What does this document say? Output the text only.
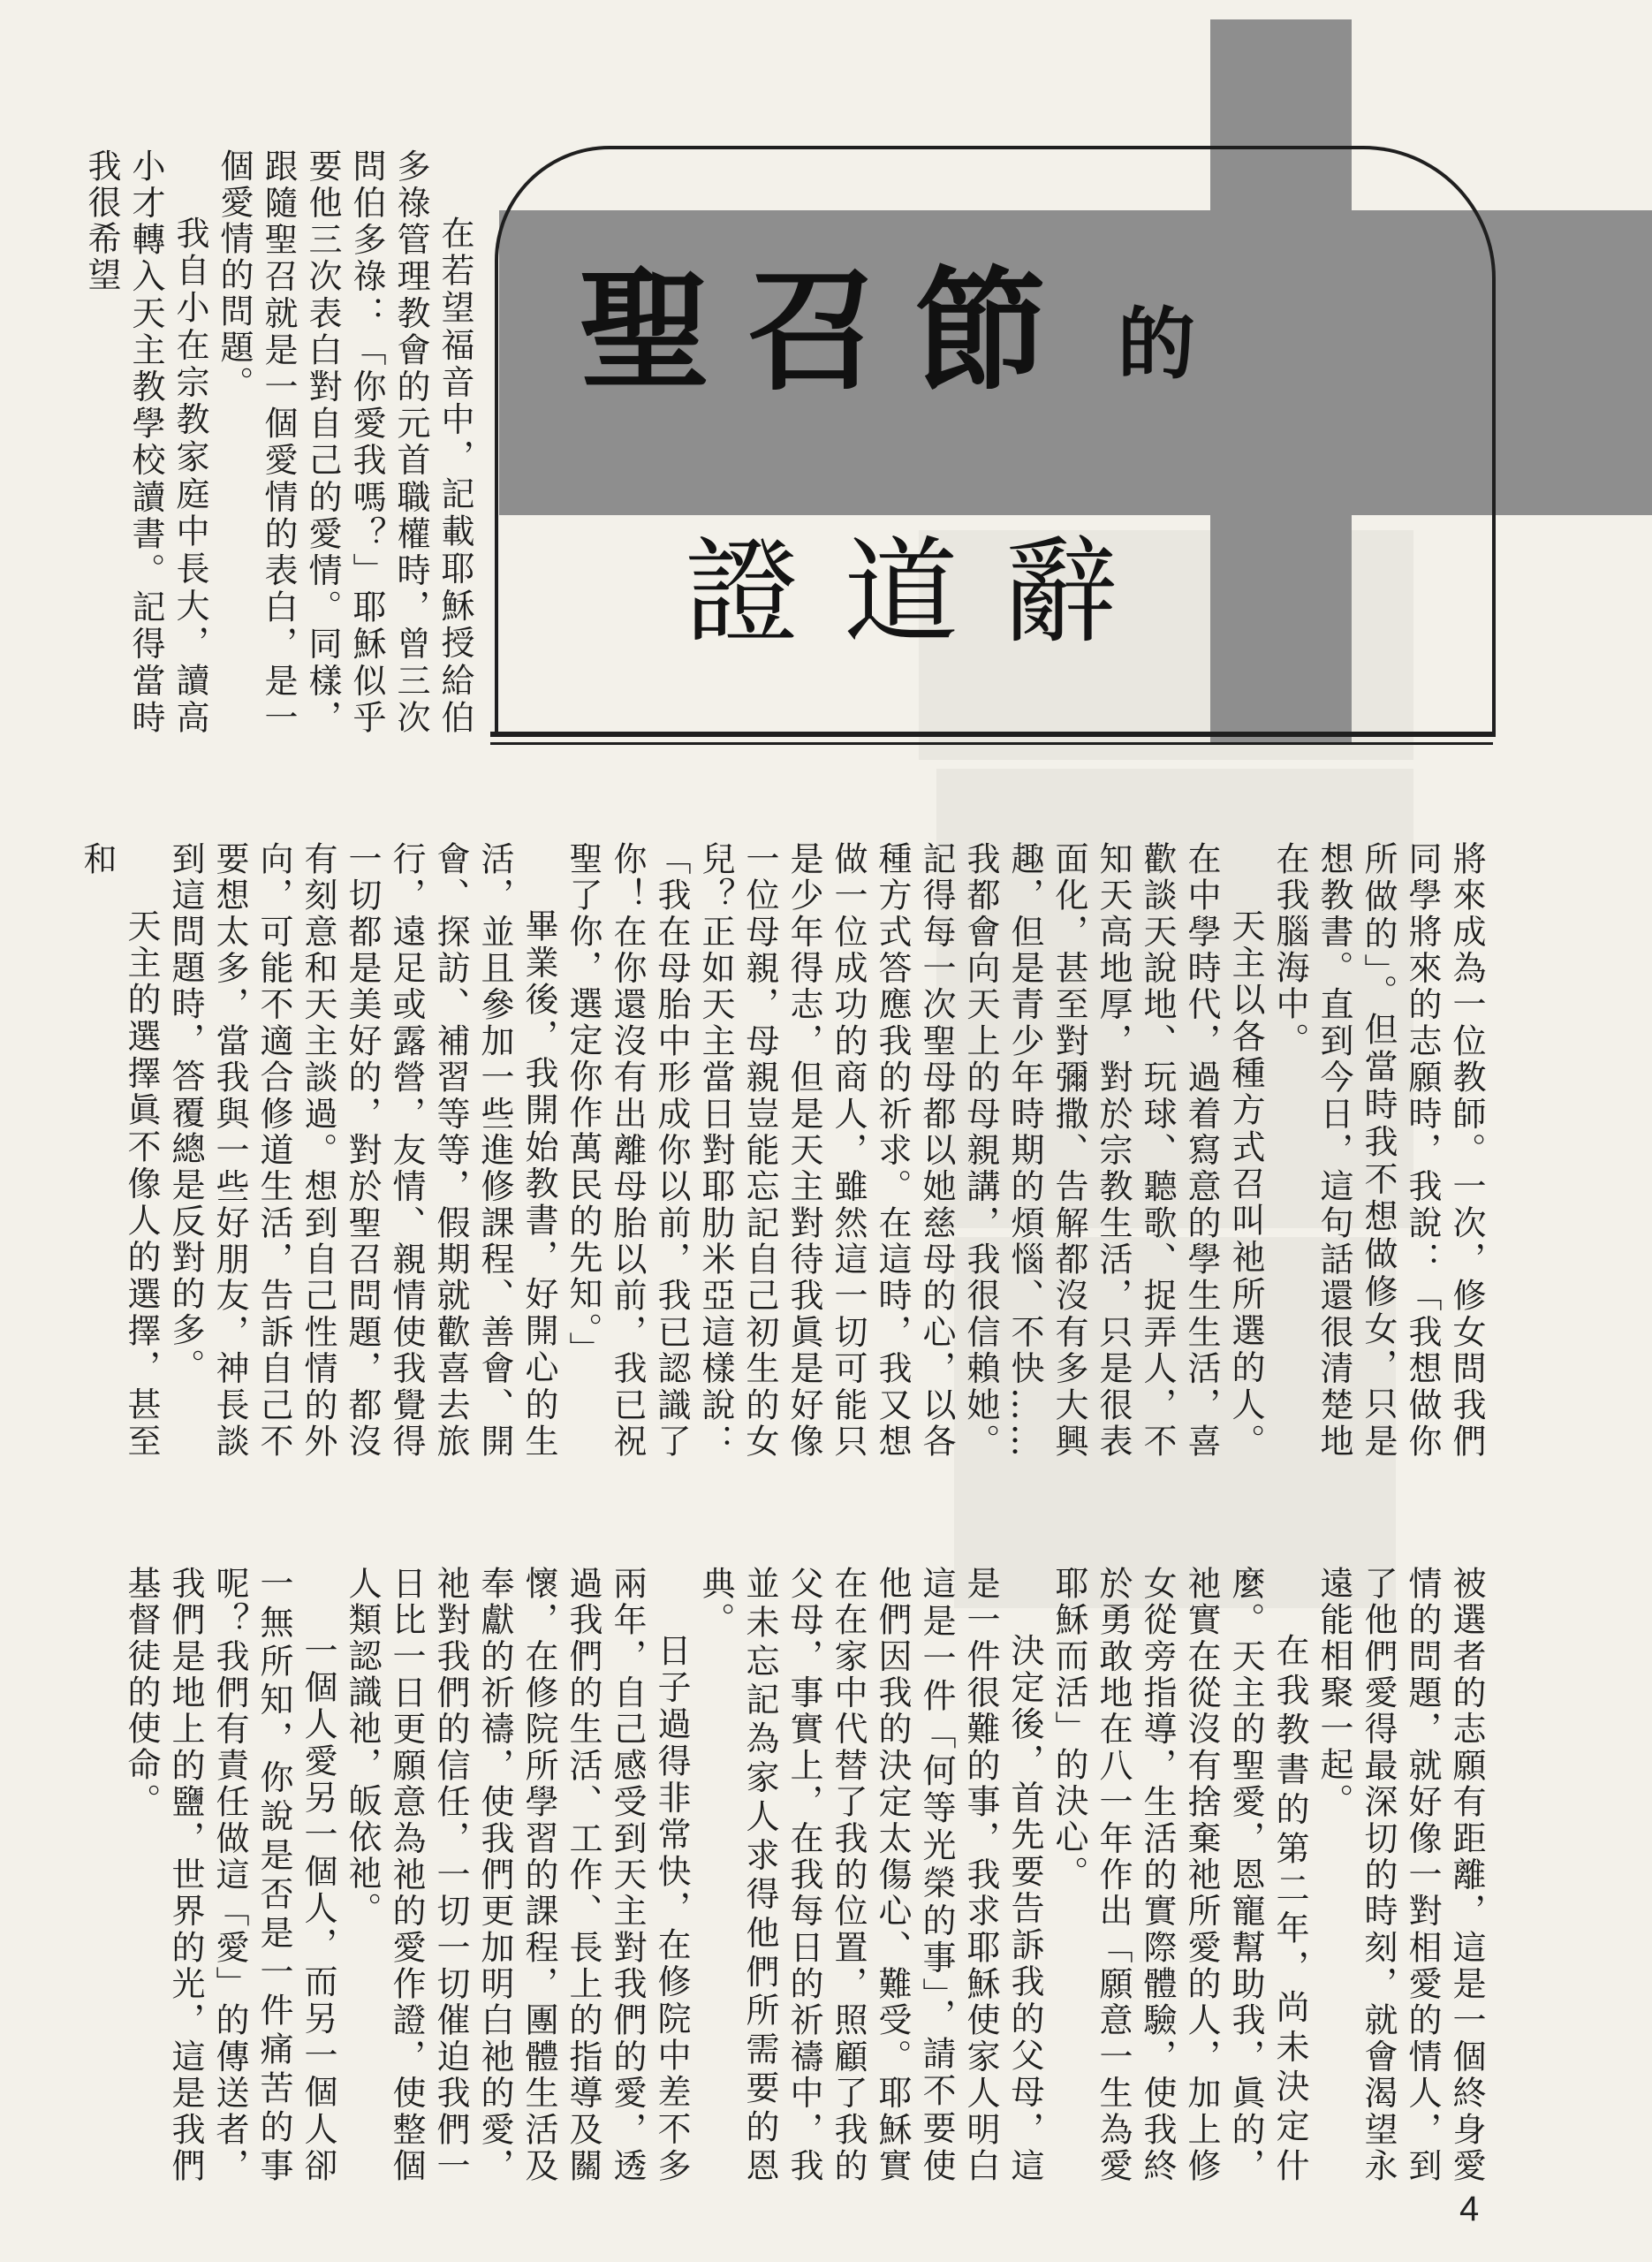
聖 召 節 的
證 道 辭

在若望福音中，記載耶穌授給伯多祿管理教會的元首職權時，曾三次問伯多祿：「你愛我嗎？」耶穌似乎要他三次表白對自己的愛情。同樣，跟隨聖召就是一個愛情的表白，是一個愛情的問題。

我自小在宗教家庭中長大，讀高小才轉入天主教學校讀書。記得當時我很希望

將來成為一位教師。一次，修女問我們同學將來的志願時，我說：「我想做你所做的」。但當時我不想做修女，只是想教書。直到今日，這句話還很清楚地在我腦海中。

天主以各種方式召叫祂所選的人。在中學時代，過着寫意的學生生活，喜歡談天說地、玩球、聽歌、捉弄人，不知天高地厚，對於宗教生活，只是很表面化，甚至對彌撒、告解都沒有多大興趣，但是青少年時期的煩惱、不快……我都會向天上的母親講，我很信賴她。記得每一次聖母都以她慈母的心，以各種方式答應我的祈求。在這時，我又想做一位成功的商人，雖然這一切可能只是少年得志，但是天主對待我眞是好像一位母親，母親豈能忘記自己初生的女兒？正如天主當日對耶肋米亞這樣說：「我在母胎中形成你以前，我已認識了你！在你還沒有出離母胎以前，我已祝聖了你，選定你作萬民的先知。」

畢業後，我開始教書，好開心的生活，並且參加一些進修課程、善會、開會、探訪、補習等等，假期就歡喜去旅行，遠足或露營，友情、親情使我覺得一切都是美好的，對於聖召問題，都沒有刻意和天主談過。想到自己性情的外向，可能不適合修道生活，告訴自己不要想太多，當我與一些好朋友，神長談到這問題時，答覆總是反對的多。

天主的選擇眞不像人的選擇，甚至和

被選者的志願有距離，這是一個終身愛情的問題，就好像一對相愛的情人，到了他們愛得最深切的時刻，就會渴望永遠能相聚一起。

在我教書的第二年，尚未決定什麼。天主的聖愛，恩寵幫助我，眞的，祂實在從沒有捨棄祂所愛的人，加上修女從旁指導，生活的實際體驗，使我終於勇敢地在八一年作出「願意一生為愛耶穌而活」的決心。

決定後，首先要告訴我的父母，這是一件很難的事，我求耶穌使家人明白這是一件「何等光榮的事」，請不要使他們因我的決定太傷心、難受。耶穌實在在家中代替了我的位置，照顧了我的父母，事實上，在我每日的祈禱中，我並未忘記為家人求得他們所需要的恩典。

日子過得非常快，在修院中差不多兩年，自己感受到天主對我們的愛，透過我們的生活、工作、長上的指導及關懷，在修院所學習的課程，團體生活及奉獻的祈禱，使我們更加明白祂的愛，祂對我們的信任，一切一切催迫我們一日比一日更願意為祂的愛作證，使整個人類認識祂，皈依祂。

一個人愛另一個人，而另一個人卻一無所知，你說是否是一件痛苦的事呢？我們有責任做這「愛」的傳送者，我們是地上的鹽，世界的光，這是我們基督徒的使命。

4
